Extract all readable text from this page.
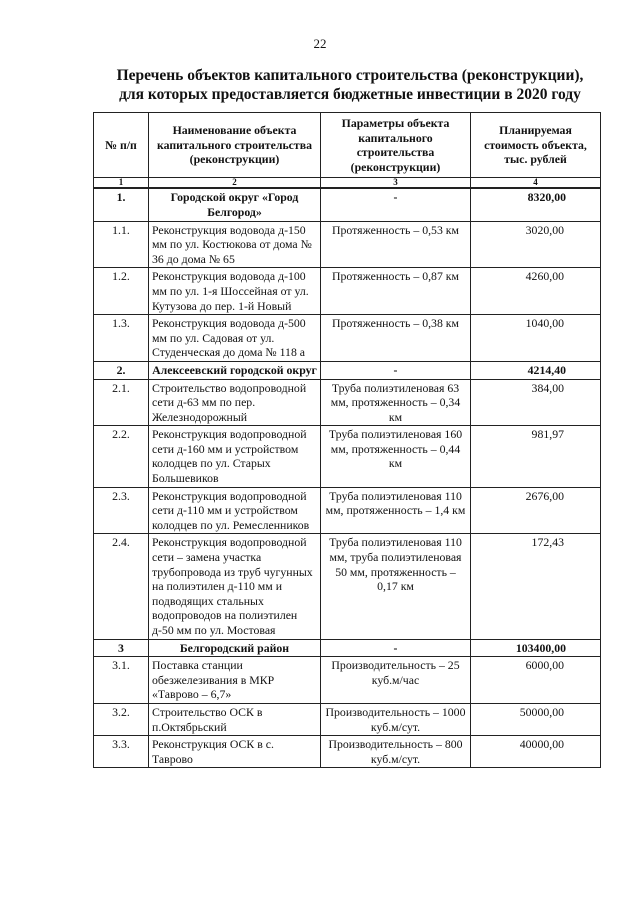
22
Перечень объектов капитального строительства (реконструкции),
для которых предоставляется бюджетные инвестиции в 2020 году
№ п/п	Наименование объекта капитального строительства (реконструкции)	Параметры объекта капитального строительства (реконструкции)	Планируемая стоимость объекта, тыс. рублей
1	2	3	4
1.	Городской округ «Город Белгород»	-	8320,00
1.1.	Реконструкция водовода д-150 мм по ул. Костюкова от дома № 36 до дома № 65	Протяженность – 0,53 км	3020,00
1.2.	Реконструкция водовода д-100 мм по ул. 1-я Шоссейная от ул. Кутузова до пер. 1-й Новый	Протяженность – 0,87 км	4260,00
1.3.	Реконструкция водовода д-500 мм по ул. Садовая от ул. Студенческая до дома № 118 а	Протяженность – 0,38 км	1040,00
2.	Алексеевский городской округ	-	4214,40
2.1.	Строительство водопроводной сети д-63 мм по пер. Железнодорожный	Труба полиэтиленовая 63 мм, протяженность – 0,34 км	384,00
2.2.	Реконструкция водопроводной сети д-160 мм и устройством колодцев по ул. Старых Большевиков	Труба полиэтиленовая 160 мм, протяженность – 0,44 км	981,97
2.3.	Реконструкция водопроводной сети д-110 мм и устройством колодцев по ул. Ремесленников	Труба полиэтиленовая 110 мм, протяженность – 1,4 км	2676,00
2.4.	Реконструкция водопроводной сети – замена участка трубопровода из труб чугунных на полиэтилен д-110 мм и подводящих стальных водопроводов на полиэтилен д-50 мм по ул. Мостовая	Труба полиэтиленовая 110 мм, труба полиэтиленовая 50 мм, протяженность – 0,17 км	172,43
3	Белгородский район	-	103400,00
3.1.	Поставка станции обезжелезивания в МКР «Таврово – 6,7»	Производительность – 25 куб.м/час	6000,00
3.2.	Строительство ОСК в п.Октябрьский	Производительность – 1000 куб.м/сут.	50000,00
3.3.	Реконструкция ОСК в с. Таврово	Производительность – 800 куб.м/сут.	40000,00
